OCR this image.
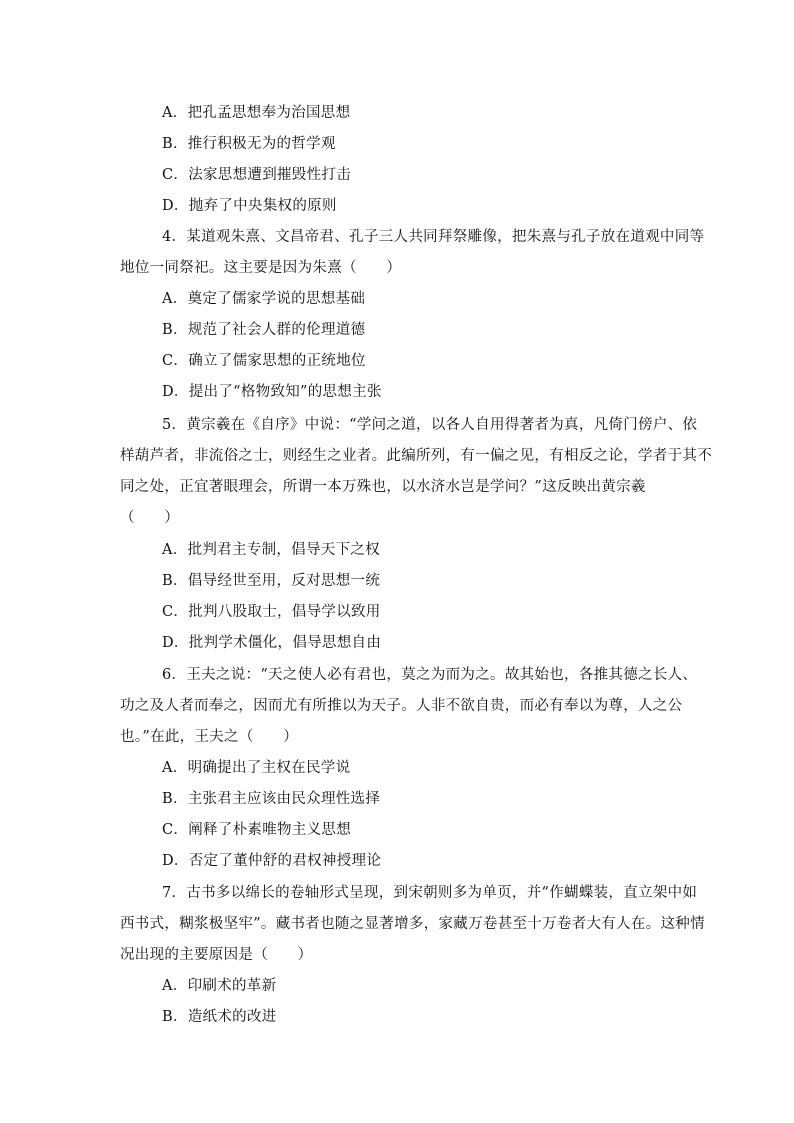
A．把孔孟思想奉为治国思想
B．推行积极无为的哲学观
C．法家思想遭到摧毁性打击
D．抛弃了中央集权的原则
4．某道观朱熹、文昌帝君、孔子三人共同拜祭雕像，把朱熹与孔子放在道观中同等
地位一同祭祀。这主要是因为朱熹（　　）
A．奠定了儒家学说的思想基础
B．规范了社会人群的伦理道德
C．确立了儒家思想的正统地位
D．提出了“格物致知”的思想主张
5．黄宗羲在《自序》中说：“学问之道，以各人自用得著者为真，凡倚门傍户、依
样葫芦者，非流俗之士，则经生之业者。此编所列，有一偏之见，有相反之论，学者于其不
同之处，正宜著眼理会，所谓一本万殊也，以水济水岂是学问？”这反映出黄宗羲
（　　）
A．批判君主专制，倡导天下之权
B．倡导经世至用，反对思想一统
C．批判八股取士，倡导学以致用
D．批判学术僵化，倡导思想自由
6．王夫之说：“天之使人必有君也，莫之为而为之。故其始也，各推其德之长人、
功之及人者而奉之，因而尤有所推以为天子。人非不欲自贵，而必有奉以为尊，人之公
也。”在此，王夫之（　　）
A．明确提出了主权在民学说
B．主张君主应该由民众理性选择
C．阐释了朴素唯物主义思想
D．否定了董仲舒的君权神授理论
7．古书多以绵长的卷轴形式呈现，到宋朝则多为单页，并“作蝴蝶装，直立架中如
西书式，糊浆极坚牢”。藏书者也随之显著增多，家藏万卷甚至十万卷者大有人在。这种情
况出现的主要原因是（　　）
A．印刷术的革新
B．造纸术的改进
